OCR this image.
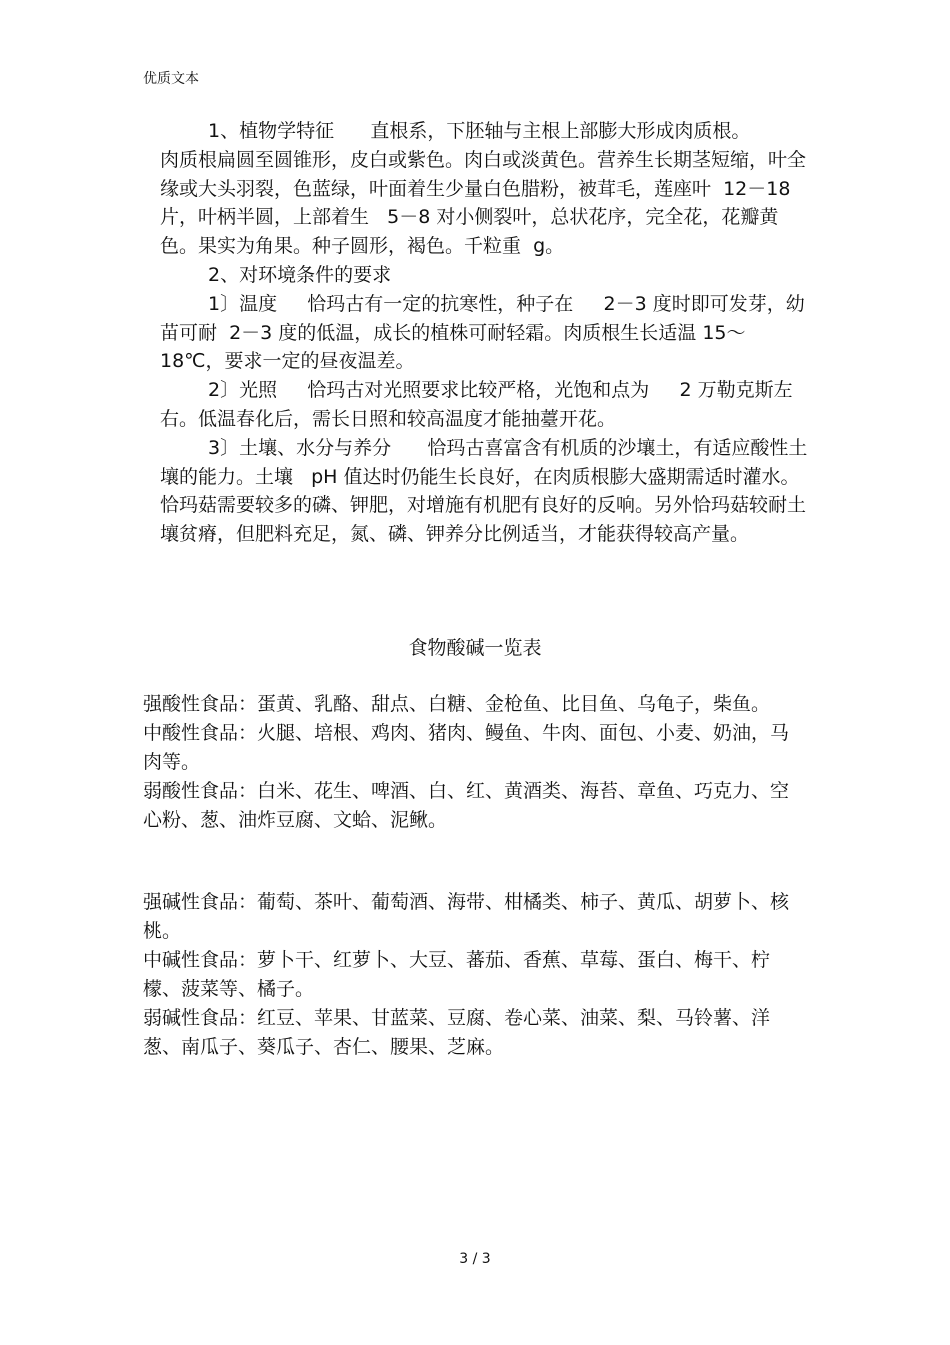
优质文本

1、植物学特征      直根系，下胚轴与主根上部膨大形成肉质根。

肉质根扁圆至圆锥形，皮白或紫色。肉白或淡黄色。营养生长期茎短缩，叶全缘或大头羽裂，色蓝绿，叶面着生少量白色腊粉，被茸毛，莲座叶  12－18 片，叶柄半圆，上部着生   5－8 对小侧裂叶，总状花序，完全花，花瓣黄色。果实为角果。种子圆形，褐色。千粒重  g。

2、对环境条件的要求

1〕温度     恰玛古有一定的抗寒性，种子在     2－3 度时即可发芽，幼苗可耐  2－3 度的低温，成长的植株可耐轻霜。肉质根生长适温 15～18℃，要求一定的昼夜温差。

2〕光照     恰玛古对光照要求比较严格，光饱和点为     2 万勒克斯左右。低温春化后，需长日照和较高温度才能抽薹开花。

3〕土壤、水分与养分      恰玛古喜富含有机质的沙壤土，有适应酸性土壤的能力。土壤   pH 值达时仍能生长良好，在肉质根膨大盛期需适时灌水。恰玛菇需要较多的磷、钾肥，对增施有机肥有良好的反响。另外恰玛菇较耐土壤贫瘠，但肥料充足，氮、磷、钾养分比例适当，才能获得较高产量。

食物酸碱一览表

强酸性食品：蛋黄、乳酪、甜点、白糖、金枪鱼、比目鱼、乌龟子，柴鱼。

中酸性食品：火腿、培根、鸡肉、猪肉、鳗鱼、牛肉、面包、小麦、奶油，马肉等。

弱酸性食品：白米、花生、啤酒、白、红、黄酒类、海苔、章鱼、巧克力、空心粉、葱、油炸豆腐、文蛤、泥鳅。

强碱性食品：葡萄、茶叶、葡萄酒、海带、柑橘类、柿子、黄瓜、胡萝卜、核桃。

中碱性食品：萝卜干、红萝卜、大豆、蕃茄、香蕉、草莓、蛋白、梅干、柠檬、菠菜等、橘子。

弱碱性食品：红豆、苹果、甘蓝菜、豆腐、卷心菜、油菜、梨、马铃薯、洋葱、南瓜子、葵瓜子、杏仁、腰果、芝麻。

3 / 3
